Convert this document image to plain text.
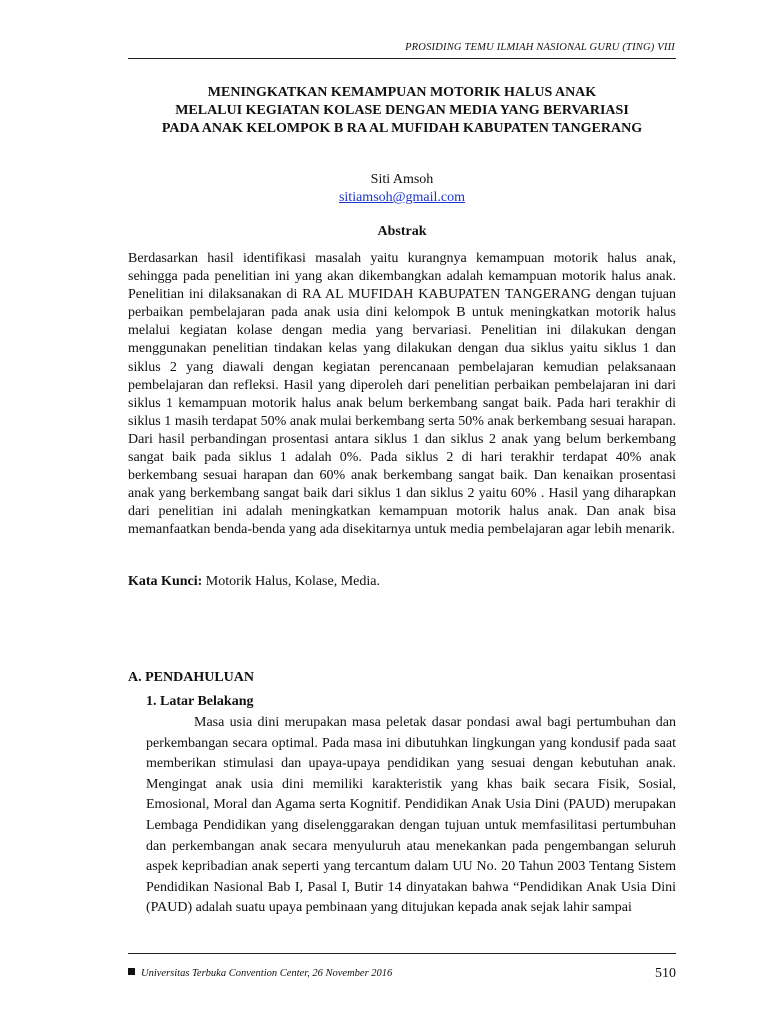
PROSIDING TEMU ILMIAH NASIONAL GURU (TING) VIII
MENINGKATKAN KEMAMPUAN MOTORIK HALUS ANAK
MELALUI KEGIATAN KOLASE DENGAN MEDIA YANG BERVARIASI
PADA ANAK KELOMPOK B RA AL MUFIDAH KABUPATEN TANGERANG
Siti Amsoh
sitiamsoh@gmail.com
Abstrak
Berdasarkan hasil identifikasi masalah yaitu kurangnya kemampuan motorik halus anak, sehingga pada penelitian ini yang akan dikembangkan adalah kemampuan motorik halus anak. Penelitian ini dilaksanakan di RA AL MUFIDAH KABUPATEN TANGERANG dengan tujuan perbaikan pembelajaran pada anak usia dini kelompok B untuk meningkatkan motorik halus melalui kegiatan kolase dengan media yang bervariasi. Penelitian ini dilakukan dengan menggunakan penelitian tindakan kelas yang dilakukan dengan dua siklus yaitu siklus 1 dan siklus 2 yang diawali dengan kegiatan perencanaan pembelajaran kemudian pelaksanaan pembelajaran dan refleksi. Hasil yang diperoleh dari penelitian perbaikan pembelajaran ini dari siklus 1 kemampuan motorik halus anak belum berkembang sangat baik. Pada hari terakhir di siklus 1 masih terdapat 50% anak mulai berkembang serta 50% anak berkembang sesuai harapan. Dari hasil perbandingan prosentasi antara siklus 1 dan siklus 2 anak yang belum berkembang sangat baik pada siklus 1 adalah 0%. Pada siklus 2 di hari terakhir terdapat 40% anak berkembang sesuai harapan dan 60% anak berkembang sangat baik. Dan kenaikan prosentasi anak yang berkembang sangat baik dari siklus 1 dan siklus 2 yaitu 60% . Hasil yang diharapkan dari penelitian ini adalah meningkatkan kemampuan motorik halus anak. Dan anak bisa memanfaatkan benda-benda yang ada disekitarnya untuk media pembelajaran agar lebih menarik.
Kata Kunci: Motorik Halus, Kolase, Media.
A. PENDAHULUAN
1. Latar Belakang
Masa usia dini merupakan masa peletak dasar pondasi awal bagi pertumbuhan dan perkembangan secara optimal. Pada masa ini dibutuhkan lingkungan yang kondusif pada saat memberikan stimulasi dan upaya-upaya pendidikan yang sesuai dengan kebutuhan anak. Mengingat anak usia dini memiliki karakteristik yang khas baik secara Fisik, Sosial, Emosional, Moral dan Agama serta Kognitif. Pendidikan Anak Usia Dini (PAUD) merupakan Lembaga Pendidikan yang diselenggarakan dengan tujuan untuk memfasilitasi pertumbuhan dan perkembangan anak secara menyuluruh atau menekankan pada pengembangan seluruh aspek kepribadian anak seperti yang tercantum dalam UU No. 20 Tahun 2003 Tentang Sistem Pendidikan Nasional Bab I, Pasal I, Butir 14 dinyatakan bahwa “Pendidikan Anak Usia Dini (PAUD) adalah suatu upaya pembinaan yang ditujukan kepada anak sejak lahir sampai
Universitas Terbuka Convention Center, 26 November 2016	510
